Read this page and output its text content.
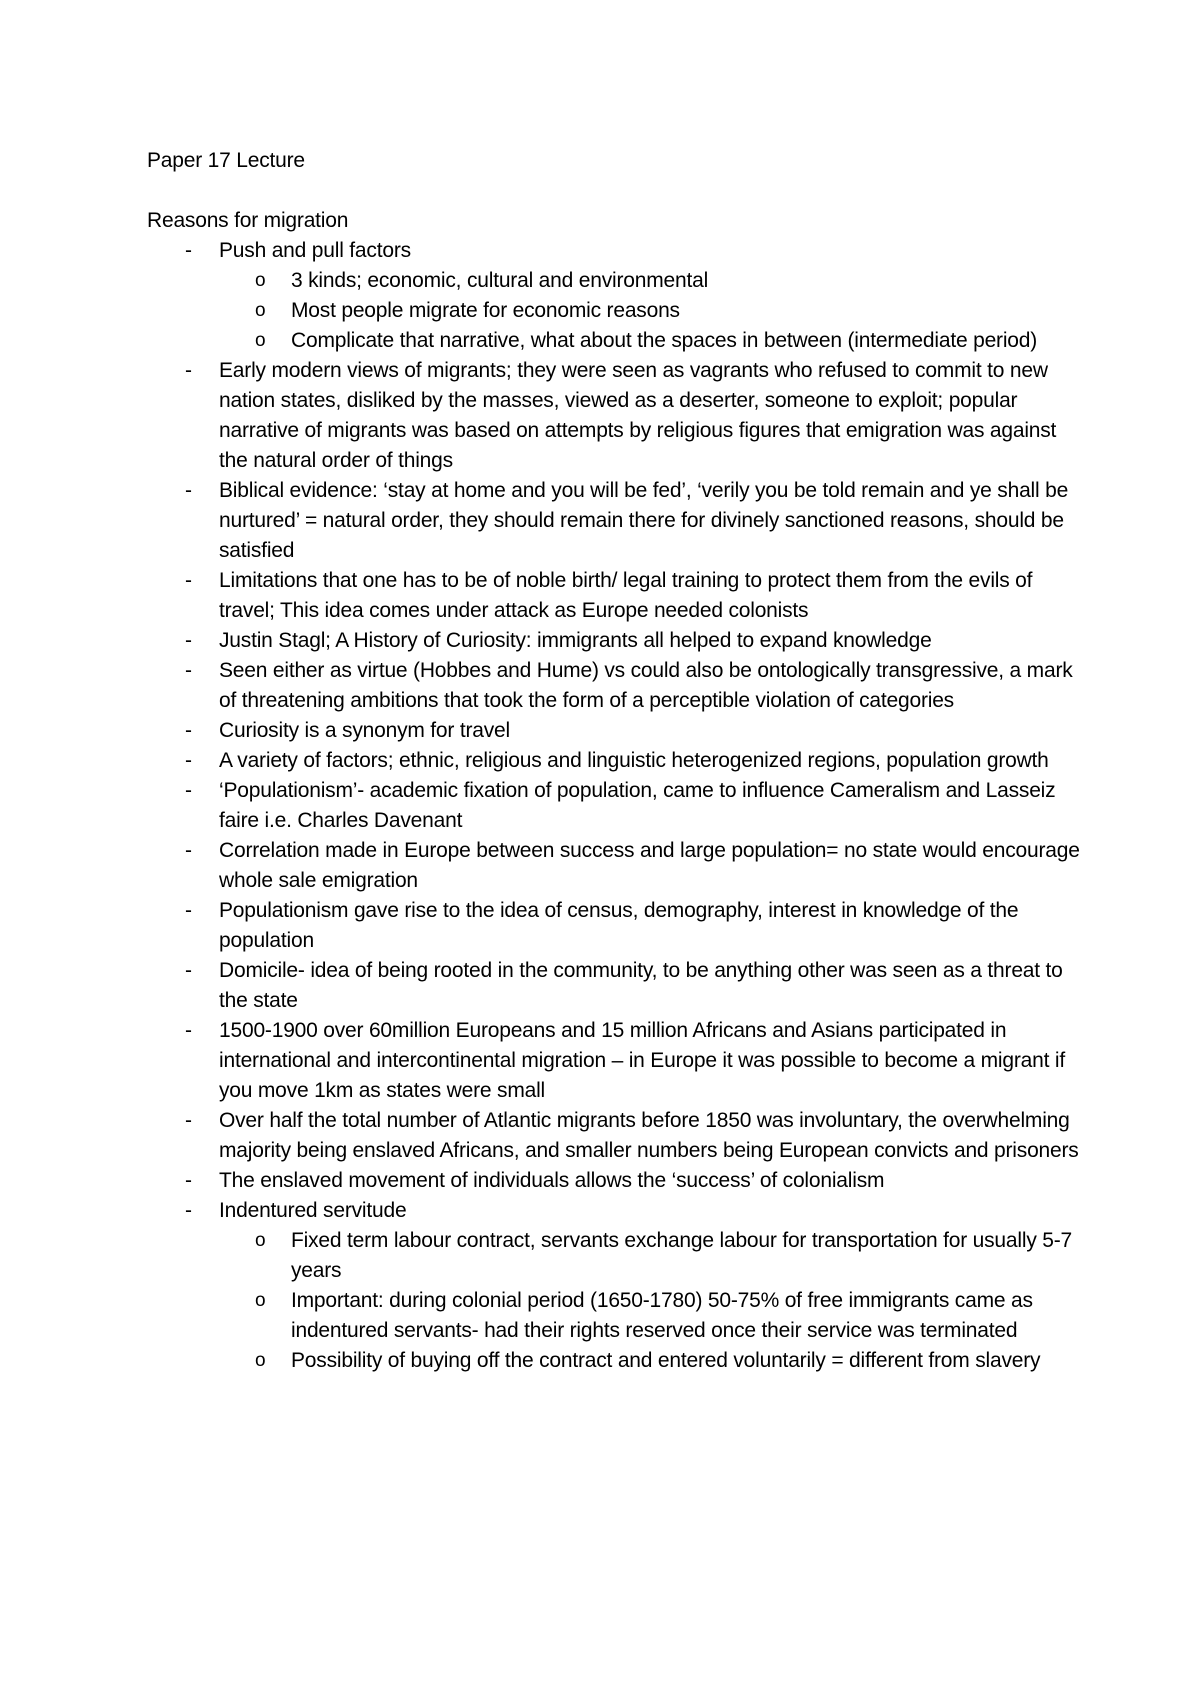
Paper 17 Lecture

Reasons for migration

- Push and pull factors
o 3 kinds; economic, cultural and environmental
o Most people migrate for economic reasons
o Complicate that narrative, what about the spaces in between (intermediate period)
- Early modern views of migrants; they were seen as vagrants who refused to commit to new nation states, disliked by the masses, viewed as a deserter, someone to exploit; popular narrative of migrants was based on attempts by religious figures that emigration was against the natural order of things
- Biblical evidence: ‘stay at home and you will be fed’, ‘verily you be told remain and ye shall be nurtured’ = natural order, they should remain there for divinely sanctioned reasons, should be satisfied
- Limitations that one has to be of noble birth/ legal training to protect them from the evils of travel; This idea comes under attack as Europe needed colonists
- Justin Stagl; A History of Curiosity: immigrants all helped to expand knowledge
- Seen either as virtue (Hobbes and Hume) vs could also be ontologically transgressive, a mark of threatening ambitions that took the form of a perceptible violation of categories
- Curiosity is a synonym for travel
- A variety of factors; ethnic, religious and linguistic heterogenized regions, population growth
- ‘Populationism’- academic fixation of population, came to influence Cameralism and Lasseiz faire i.e. Charles Davenant
- Correlation made in Europe between success and large population= no state would encourage whole sale emigration
- Populationism gave rise to the idea of census, demography, interest in knowledge of the population
- Domicile- idea of being rooted in the community, to be anything other was seen as a threat to the state
- 1500-1900 over 60million Europeans and 15 million Africans and Asians participated in international and intercontinental migration – in Europe it was possible to become a migrant if you move 1km as states were small
- Over half the total number of Atlantic migrants before 1850 was involuntary, the overwhelming majority being enslaved Africans, and smaller numbers being European convicts and prisoners
- The enslaved movement of individuals allows the ‘success’ of colonialism
- Indentured servitude
o Fixed term labour contract, servants exchange labour for transportation for usually 5-7 years
o Important: during colonial period (1650-1780) 50-75% of free immigrants came as indentured servants- had their rights reserved once their service was terminated
o Possibility of buying off the contract and entered voluntarily = different from slavery
